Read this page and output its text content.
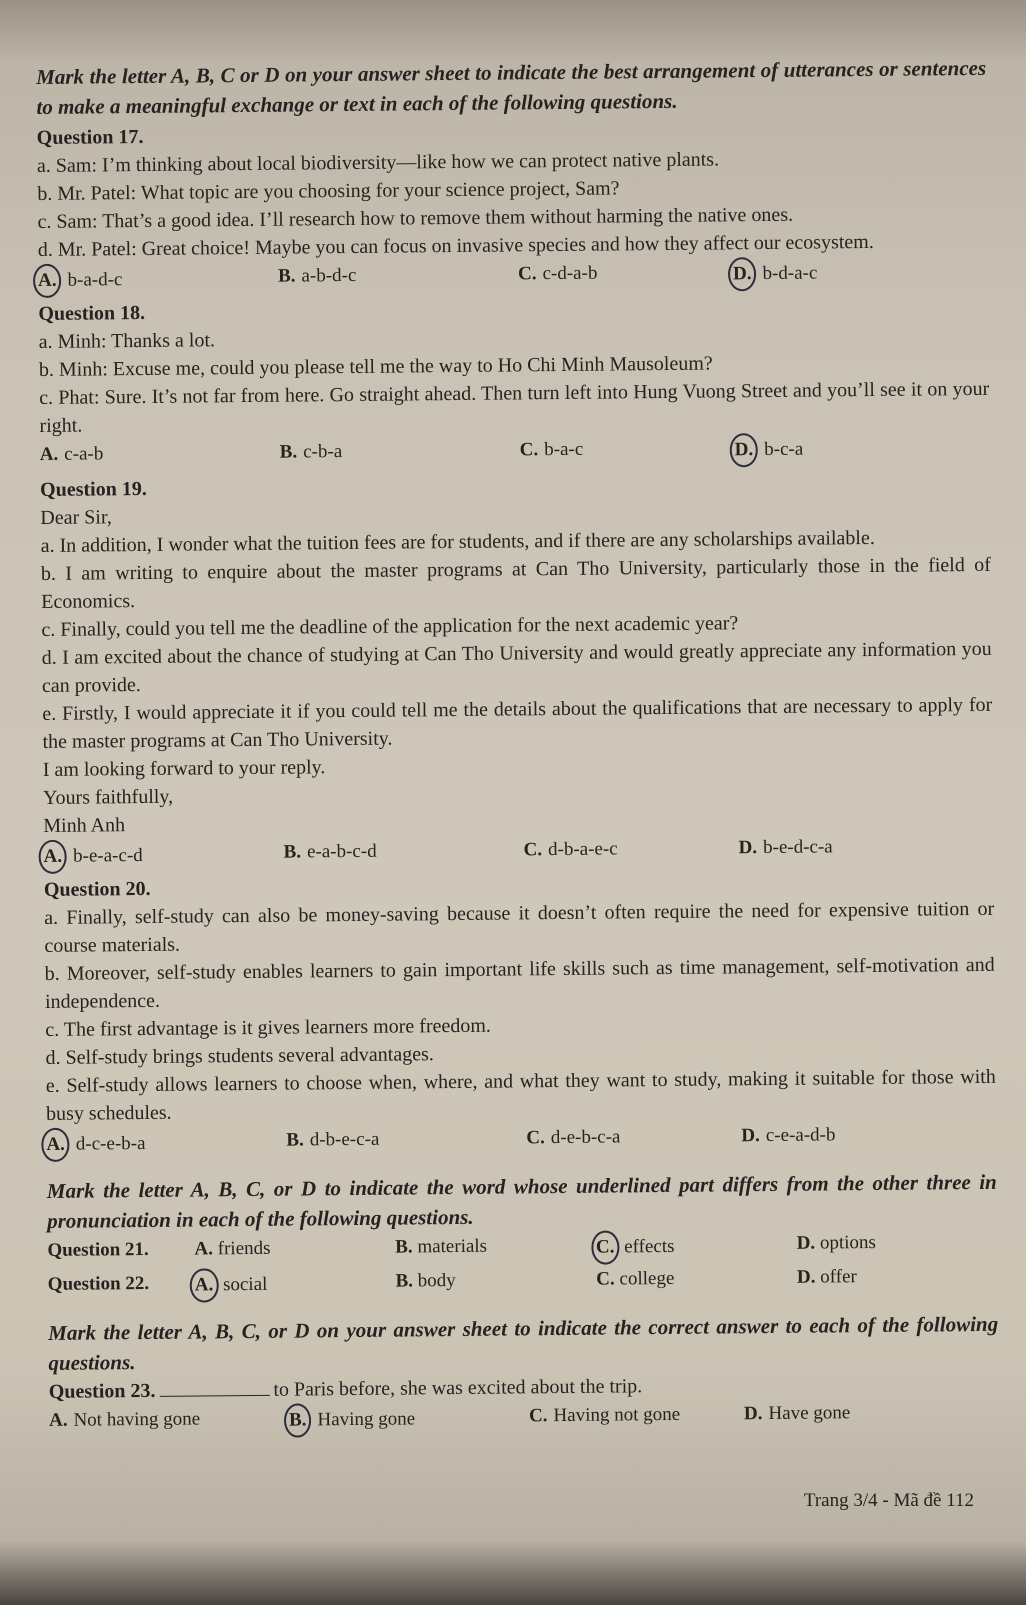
Mark the letter A, B, C or D on your answer sheet to indicate the best arrangement of utterances or sentences to make a meaningful exchange or text in each of the following questions.

Question 17.

a. Sam: I’m thinking about local biodiversity—like how we can protect native plants.

b. Mr. Patel: What topic are you choosing for your science project, Sam?

c. Sam: That’s a good idea. I’ll research how to remove them without harming the native ones.

d. Mr. Patel: Great choice! Maybe you can focus on invasive species and how they affect our ecosystem.

A. b-a-d-c	B. a-b-d-c	C. c-d-a-b	D. b-d-a-c

Question 18.

a. Minh: Thanks a lot.

b. Minh: Excuse me, could you please tell me the way to Ho Chi Minh Mausoleum?

c. Phat: Sure. It’s not far from here. Go straight ahead. Then turn left into Hung Vuong Street and you’ll see it on your right.

A. c-a-b	B. c-b-a	C. b-a-c	D. b-c-a

Question 19.

Dear Sir,

a. In addition, I wonder what the tuition fees are for students, and if there are any scholarships available.

b. I am writing to enquire about the master programs at Can Tho University, particularly those in the field of Economics.

c. Finally, could you tell me the deadline of the application for the next academic year?

d. I am excited about the chance of studying at Can Tho University and would greatly appreciate any information you can provide.

e. Firstly, I would appreciate it if you could tell me the details about the qualifications that are necessary to apply for the master programs at Can Tho University.

I am looking forward to your reply.

Yours faithfully,

Minh Anh

A. b-e-a-c-d	B. e-a-b-c-d	C. d-b-a-e-c	D. b-e-d-c-a

Question 20.

a. Finally, self-study can also be money-saving because it doesn’t often require the need for expensive tuition or course materials.

b. Moreover, self-study enables learners to gain important life skills such as time management, self-motivation and independence.

c. The first advantage is it gives learners more freedom.

d. Self-study brings students several advantages.

e. Self-study allows learners to choose when, where, and what they want to study, making it suitable for those with busy schedules.

A. d-c-e-b-a	B. d-b-e-c-a	C. d-e-b-c-a	D. c-e-a-d-b

Mark the letter A, B, C, or D to indicate the word whose underlined part differs from the other three in pronunciation in each of the following questions.

Question 21.	A. friends	B. materials	C. effects	D. options
Question 22.	A. social	B. body	C. college	D. offer

Mark the letter A, B, C, or D on your answer sheet to indicate the correct answer to each of the following questions.

Question 23.	to Paris before, she was excited about the trip.

A. Not having gone	B. Having gone	C. Having not gone	D. Have gone
Trang 3/4 - Mã đề 112
